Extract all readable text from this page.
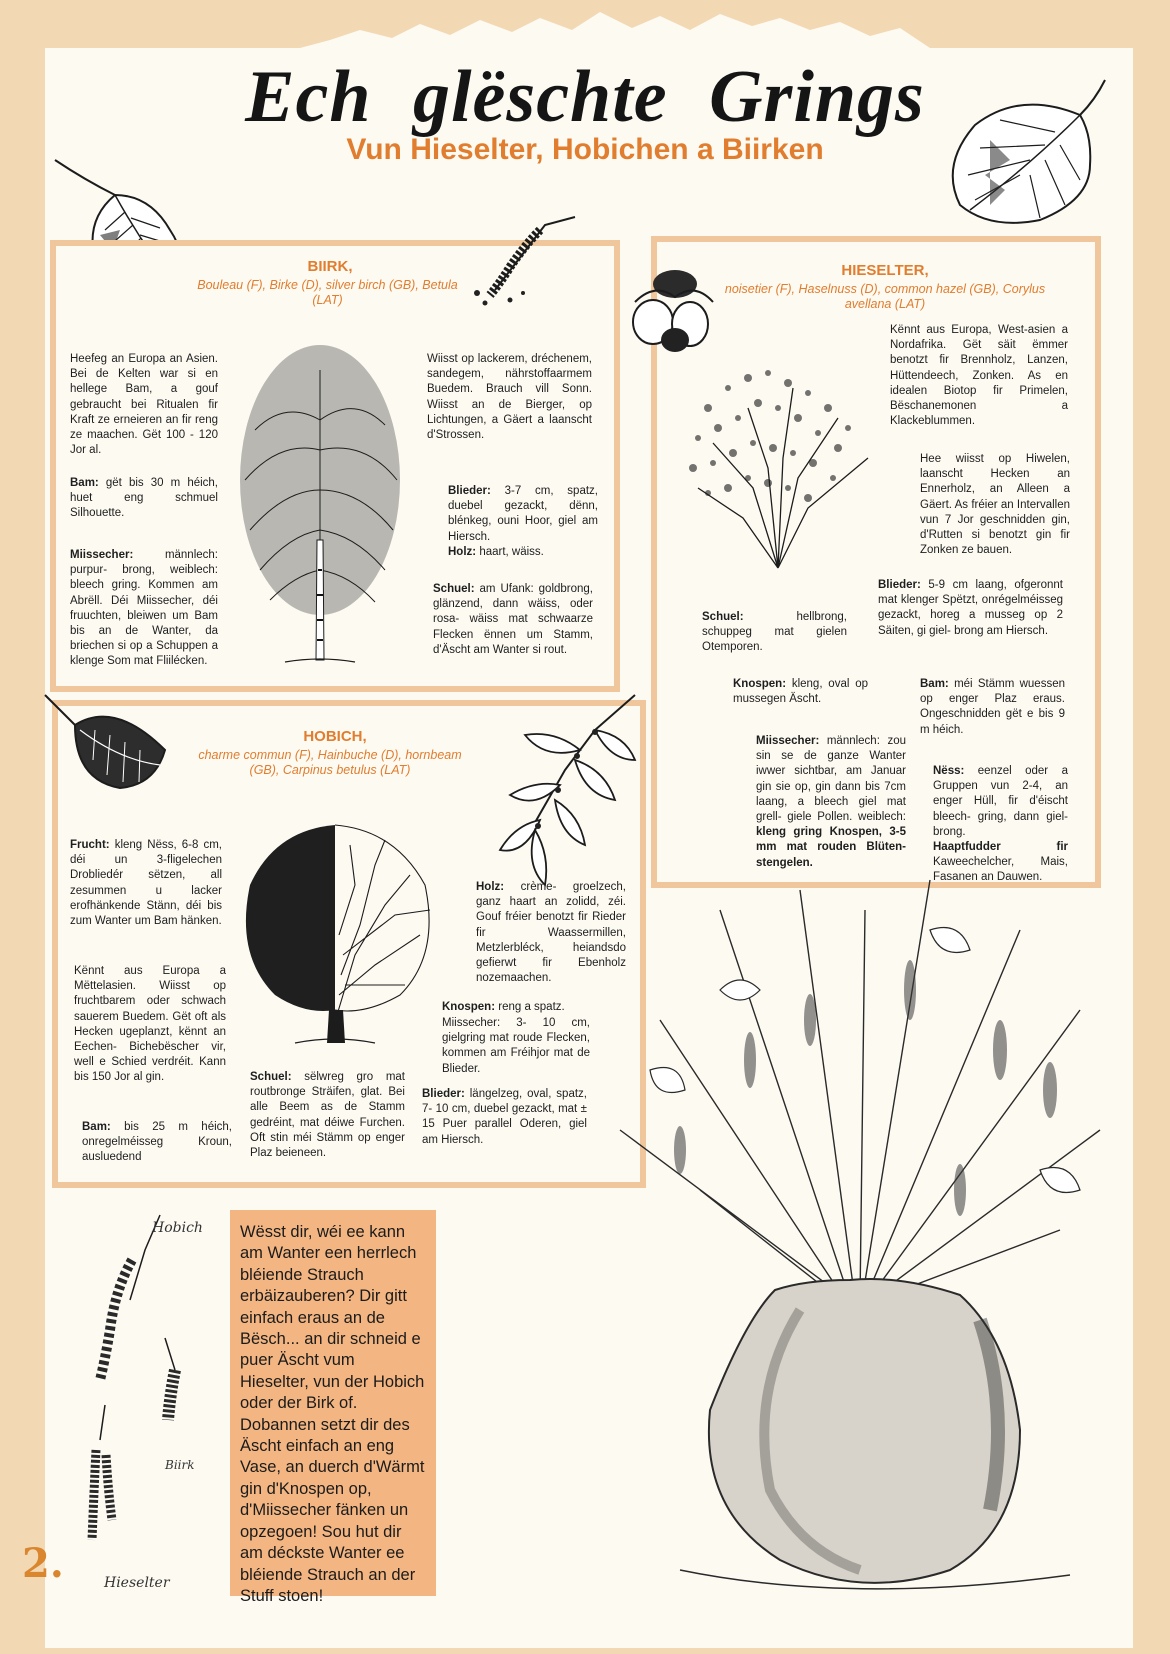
Ech glëschte Grings
Vun Hieselter, Hobichen a Biirken
BIIRK,
Bouleau (F), Birke (D), silver birch (GB), Betula (LAT)
Heefeg an Europa an Asien. Bei de Kelten war si en hellege Bam, a gouf gebraucht bei Ritualen fir Kraft ze erneieren an fir reng ze maachen. Gët 100 - 120 Jor al.
Bam: gët bis 30 m héich, huet eng schmuel Silhouette.
Miissecher:	männlech: purpur- brong, weiblech: bleech gring. Kommen am Abrëll. Déi Miissecher, déi fruuchten, bleiwen um Bam bis an de Wanter, da briechen si op a Schuppen a klenge Som mat Fliilécken.
Wiisst op lackerem, dréchenem, sandegem, nährstoffaarmem Buedem. Brauch vill Sonn. Wiisst an de Bierger, op Lichtungen, a Gäert a laanscht d'Strossen.
Blieder: 3-7 cm, spatz, duebel gezackt, dënn, blénkeg, ouni Hoor, giel am Hiersch.
Holz: haart, wäiss.
Schuel: am Ufank: goldbrong, glänzend, dann wäiss, oder rosa- wäiss mat schwaarze Flecken ënnen um Stamm, d'Äscht am Wanter si rout.
HIESELTER,
noisetier (F), Haselnuss (D), common hazel (GB), Corylus avellana (LAT)
Kënnt aus Europa, West-asien a Nordafrika. Gët säit ëmmer benotzt fir Brennholz, Lanzen, Hüttendeech, Zonken. As en idealen Biotop fir Primelen, Bëschanemonen a Klackeblummen.
Hee wiisst op Hiwelen, laanscht Hecken an Ennerholz, an Alleen a Gäert. As fréier an Intervallen vun 7 Jor geschnidden gin, d'Rutten si benotzt gin fir Zonken ze bauen.
Blieder: 5-9 cm laang, ofgeronnt mat klenger Spëtzt, onrégelméisseg gezackt, horeg a musseg op 2 Säiten, gi giel- brong am Hiersch.
Schuel:	hellbrong, schuppeg mat gielen Otemporen.
Knospen: kleng, oval op mussegen Äscht.
Bam: méi Stämm wuessen op enger Plaz eraus. Ongeschnidden gët e bis 9 m héich.
Miissecher: männlech: zou sin se de ganze Wanter iwwer sichtbar, am Januar gin sie op, gin dann bis 7cm laang, a bleech giel mat grell- giele Pollen. weiblech: kleng gring Knospen, 3-5 mm mat rouden Blüten- stengelen.
Nëss: eenzel oder a Gruppen vun 2-4, an enger Hüll, fir d'éischt bleech- gring, dann giel- brong.
Haaptfudder fir Kaweechelcher, Mais, Fasanen an Dauwen.
HOBICH,
charme commun (F), Hainbuche (D), hornbeam (GB), Carpinus betulus (LAT)
Frucht: kleng Nëss, 6-8 cm, déi un 3-fligelechen Drobliedér sëtzen, all zesummen u lacker erofhänkende Stänn, déi bis zum Wanter um Bam hänken.
Kënnt aus Europa a Mëttelasien. Wiisst op fruchtbarem oder schwach sauerem Buedem. Gët oft als Hecken ugeplanzt, kënnt an Eechen- Bichebëscher vir, well e Schied verdréit. Kann bis 150 Jor al gin.
Bam: bis 25 m héich, onregelméisseg Kroun, ausluedend
Schuel: sëlwreg gro mat routbronge Sträifen, glat. Bei alle Beem as de Stamm gedréint, mat déiwe Furchen. Oft stin méi Stämm op enger Plaz beieneen.
Holz: crème- groelzech, ganz haart an zolidd, zéi. Gouf fréier benotzt fir Rieder fir Waassermillen, Metzlerbléck, heiandsdo gefierwt fir Ebenholz nozemaachen.
Knospen: reng a spatz.
Miissecher: 3- 10 cm, gielgring mat roude Flecken, kommen am Fréihjor mat de Blieder.
Blieder: längelzeg, oval, spatz, 7- 10 cm, duebel gezackt, mat ± 15 Puer parallel Oderen, giel am Hiersch.
Hobich
Biirk
Hieselter
Wësst dir, wéi ee kann am Wanter een herrlech bléiende Strauch erbäizauberen? Dir gitt einfach eraus an de Bësch... an dir schneid e puer Äscht vum Hieselter, vun der Hobich oder der Birk of. Dobannen setzt dir des Äscht einfach an eng Vase, an duerch d'Wärmt gin d'Knospen op, d'Miissecher fänken un opzegoen! Sou hut dir am déckste Wanter ee bléiende Strauch an der Stuff stoen!
2.
